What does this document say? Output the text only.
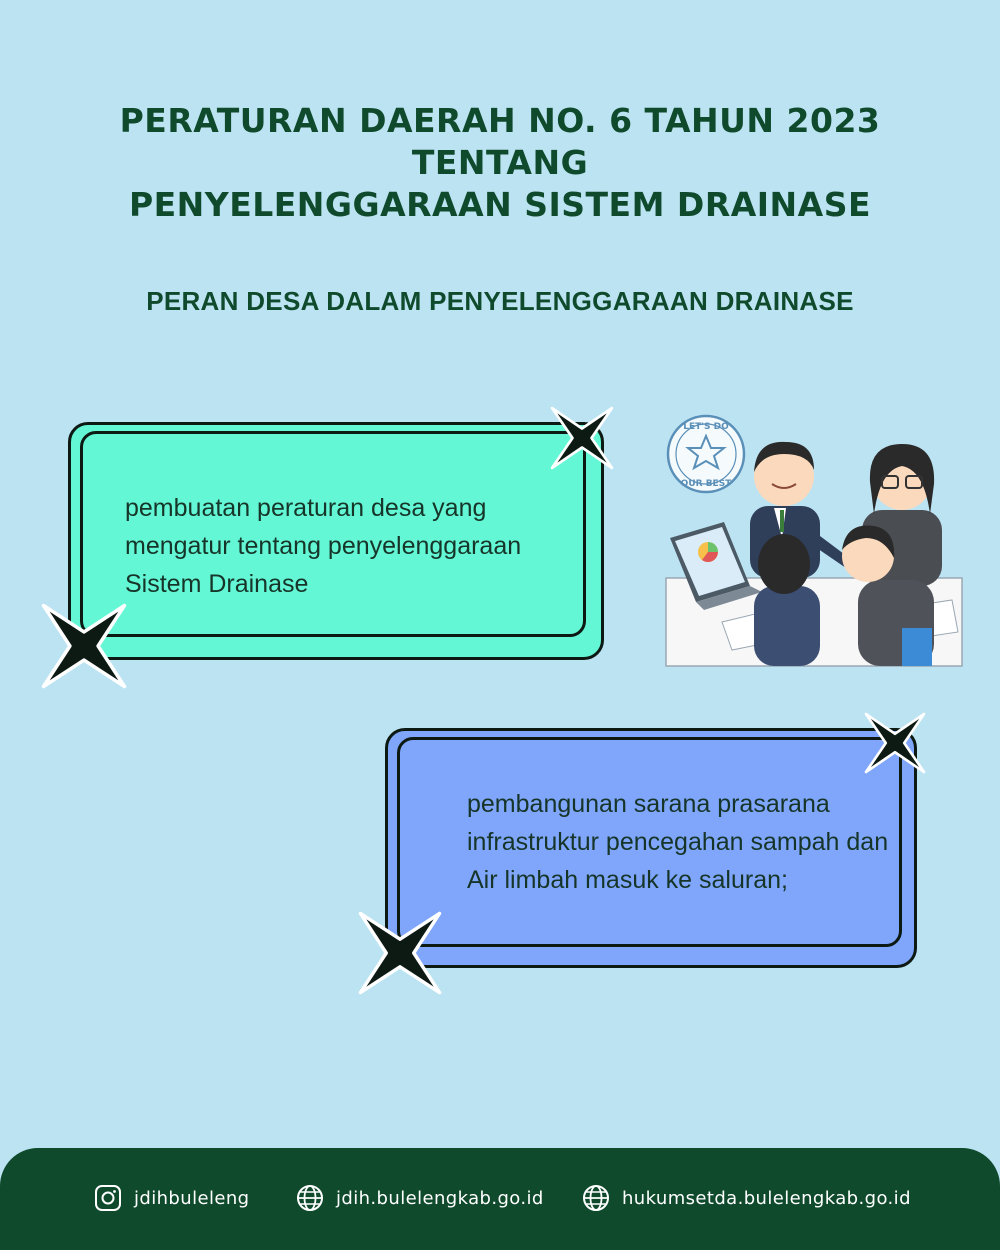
PERATURAN DAERAH NO. 6 TAHUN 2023
TENTANG
PENYELENGGARAAN SISTEM DRAINASE
PERAN DESA DALAM PENYELENGGARAAN DRAINASE

pembuatan peraturan desa yang mengatur tentang penyelenggaraan Sistem Drainase

pembangunan sarana prasarana infrastruktur pencegahan sampah dan Air limbah masuk ke saluran;

LET'S DO
OUR BEST
jdihbuleleng	jdih.bulelengkab.go.id	hukumsetda.bulelengkab.go.id
